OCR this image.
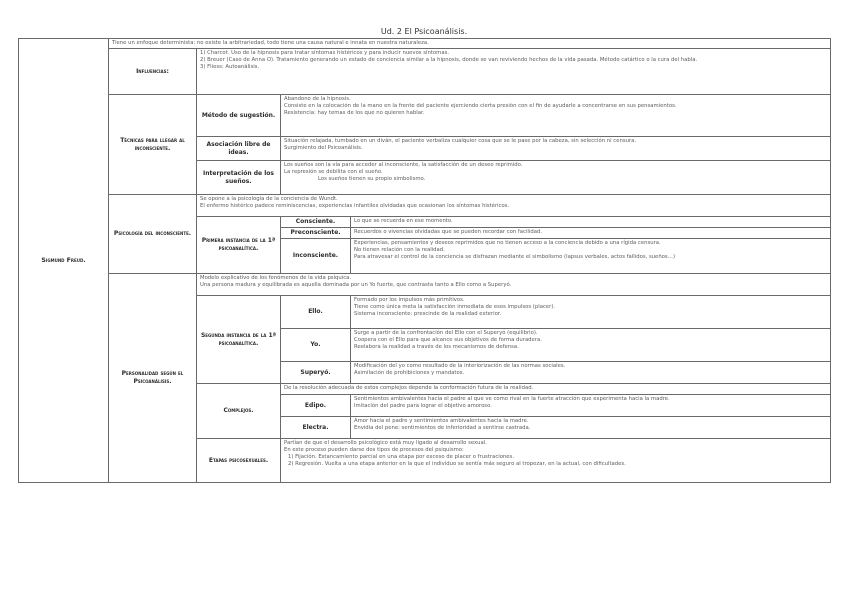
Ud. 2 El Psicoanálisis.
Sigmund Freud.	Tiene un enfoque determinista: no existe la arbitrariedad, todo tiene una causa natural e innata en nuestra naturaleza.			
	Influencias:	1) Charcot. Uso de la hipnosis para tratar síntomas histéricos y para inducir nuevos síntomas.
2) Breuer (Caso de Anna O). Tratamiento generando un estado de conciencia similar a la hipnosis, donde se van reviviendo hechos de la vida pasada. Método catártico o la cura del habla.
3) Fliess: Autoanálisis.		

	Técnicas para llegar al inconsciente.	Método de sugestión.	Abandono de la hipnosis.
Consiste en la colocación de la mano en la frente del paciente ejerciendo cierta presión con el fin de ayudarle a concentrarse en sus pensamientos.
Resistencia: hay temas de los que no quieren hablar.	

		Asociación libre de ideas.	Situación relajada, tumbado en un diván, el paciente verbaliza cualquier cosa que se le pase por la cabeza, sin selección ni censura.
Surgimiento del Psicoanálisis.	

		Interpretación de los sueños.	Los sueños son la vía para acceder al inconsciente, la satisfacción de un deseo reprimido.
La represión se debilita con el sueño.
Los sueños tienen su propio simbolismo.	

	Psicología del inconsciente.	Se opone a la psicología de la conciencia de Wundt.
El enfermo histérico padece reminiscencias, experiencias infantiles olvidadas que ocasionan los síntomas histéricos.		

		Primera instancia de la 1ª psicoanalítica.	Consciente.	Lo que se recuerda en ese momento.
			Preconsciente.	Recuerdos o vivencias olvidadas que se pueden recordar con facilidad.
			Inconsciente.	Experiencias, pensamientos y deseos reprimidos que no tienen acceso a la conciencia debido a una rígida censura.
No tienen relación con la realidad.
Para atravesar el control de la conciencia se disfrazan mediante el simbolismo (lapsus verbales, actos fallidos, sueños…)

	Personalidad según el Psicoanálisis.	Modelo explicativo de los fenómenos de la vida psíquica.
Una persona madura y equilibrada es aquella dominada por un Yo fuerte, que contrasta tanto a Ello como a Superyó.		

		Segunda instancia de la 1ª psicoanalítica.	Ello.	Formado por los impulsos más primitivos.
Tiene como única meta la satisfacción inmediata de esos impulsos (placer).
Sistema inconsciente: prescinde de la realidad exterior.

			Yo.	Surge a partir de la confrontación del Ello con el Superyó (equilibrio).
Coopera con el Ello para que alcance sus objetivos de forma duradera.
Reelabora la realidad a través de los mecanismos de defensa.

			Superyó.	Modificación del yo como resultado de la interiorización de las normas sociales.
Asimilación de prohibiciones y mandatos.

		Complejos.	De la resolución adecuada de estos complejos depende la conformación futura de la realidad.	
			Edipo.	Sentimientos ambivalentes hacia el padre al que ve como rival en la fuerte atracción que experimenta hacia la madre.
Imitación del padre para lograr el objetivo amoroso.

			Electra.	Amor hacia el padre y sentimientos ambivalentes hacia la madre.
Envidia del pene: sentimientos de inferioridad a sentirse castrada.

		Etapas psicosexuales.	Partían de que el desarrollo psicológico está muy ligado al desarrollo sexual.
En este proceso pueden darse dos tipos de procesos del psiquismo:
1) Fijación. Estancamiento parcial en una etapa por exceso de placer o frustraciones.
2) Regresión. Vuelta a una etapa anterior en la que el individuo se sentía más seguro al tropezar, en la actual, con dificultades.	
